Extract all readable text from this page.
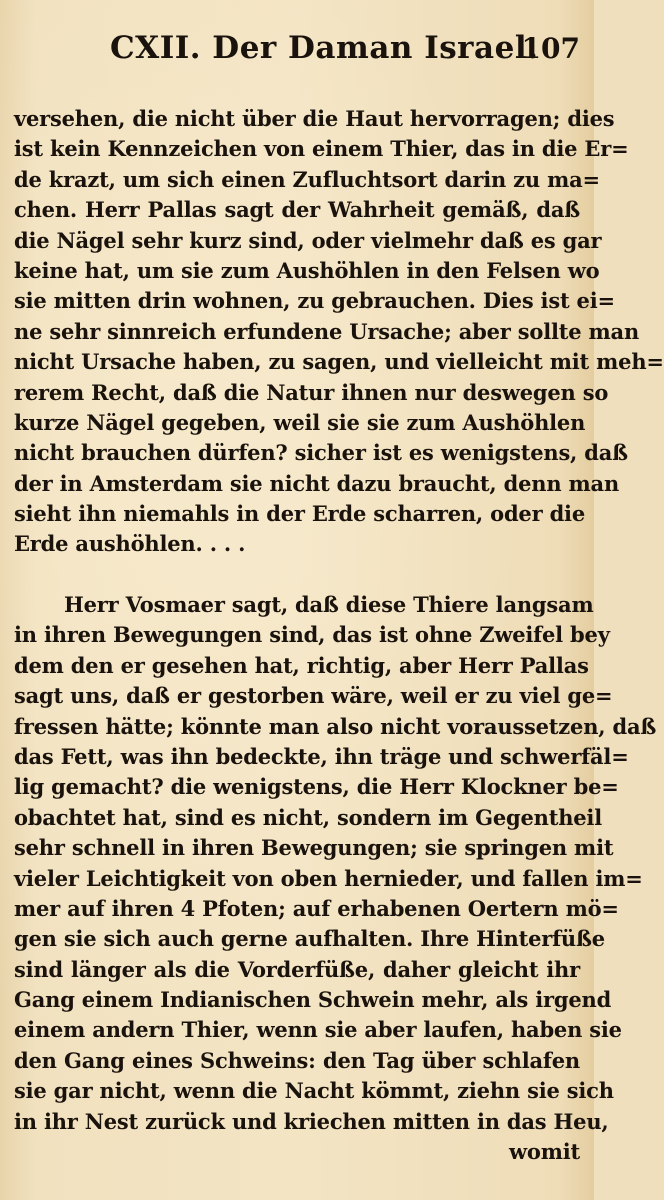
CXII. Der Daman Israel.
107
versehen, die nicht über die Haut hervorragen; dies
ist kein Kennzeichen von einem Thier, das in die Er=
de krazt, um sich einen Zufluchtsort darin zu ma=
chen. Herr Pallas sagt der Wahrheit gemäß, daß
die Nägel sehr kurz sind, oder vielmehr daß es gar
keine hat, um sie zum Aushöhlen in den Felsen wo
sie mitten drin wohnen, zu gebrauchen. Dies ist ei=
ne sehr sinnreich erfundene Ursache; aber sollte man
nicht Ursache haben, zu sagen, und vielleicht mit meh=
rerem Recht, daß die Natur ihnen nur deswegen so
kurze Nägel gegeben, weil sie sie zum Aushöhlen
nicht brauchen dürfen? sicher ist es wenigstens, daß
der in Amsterdam sie nicht dazu braucht, denn man
sieht ihn niemahls in der Erde scharren, oder die
Erde aushöhlen. . . .
Herr Vosmaer sagt, daß diese Thiere langsam
in ihren Bewegungen sind, das ist ohne Zweifel bey
dem den er gesehen hat, richtig, aber Herr Pallas
sagt uns, daß er gestorben wäre, weil er zu viel ge=
fressen hätte; könnte man also nicht voraussetzen, daß
das Fett, was ihn bedeckte, ihn träge und schwerfäl=
lig gemacht? die wenigstens, die Herr Klockner be=
obachtet hat, sind es nicht, sondern im Gegentheil
sehr schnell in ihren Bewegungen; sie springen mit
vieler Leichtigkeit von oben hernieder, und fallen im=
mer auf ihren 4 Pfoten; auf erhabenen Oertern mö=
gen sie sich auch gerne aufhalten. Ihre Hinterfüße
sind länger als die Vorderfüße, daher gleicht ihr
Gang einem Indianischen Schwein mehr, als irgend
einem andern Thier, wenn sie aber laufen, haben sie
den Gang eines Schweins: den Tag über schlafen
sie gar nicht, wenn die Nacht kömmt, ziehn sie sich
in ihr Nest zurück und kriechen mitten in das Heu,
womit
